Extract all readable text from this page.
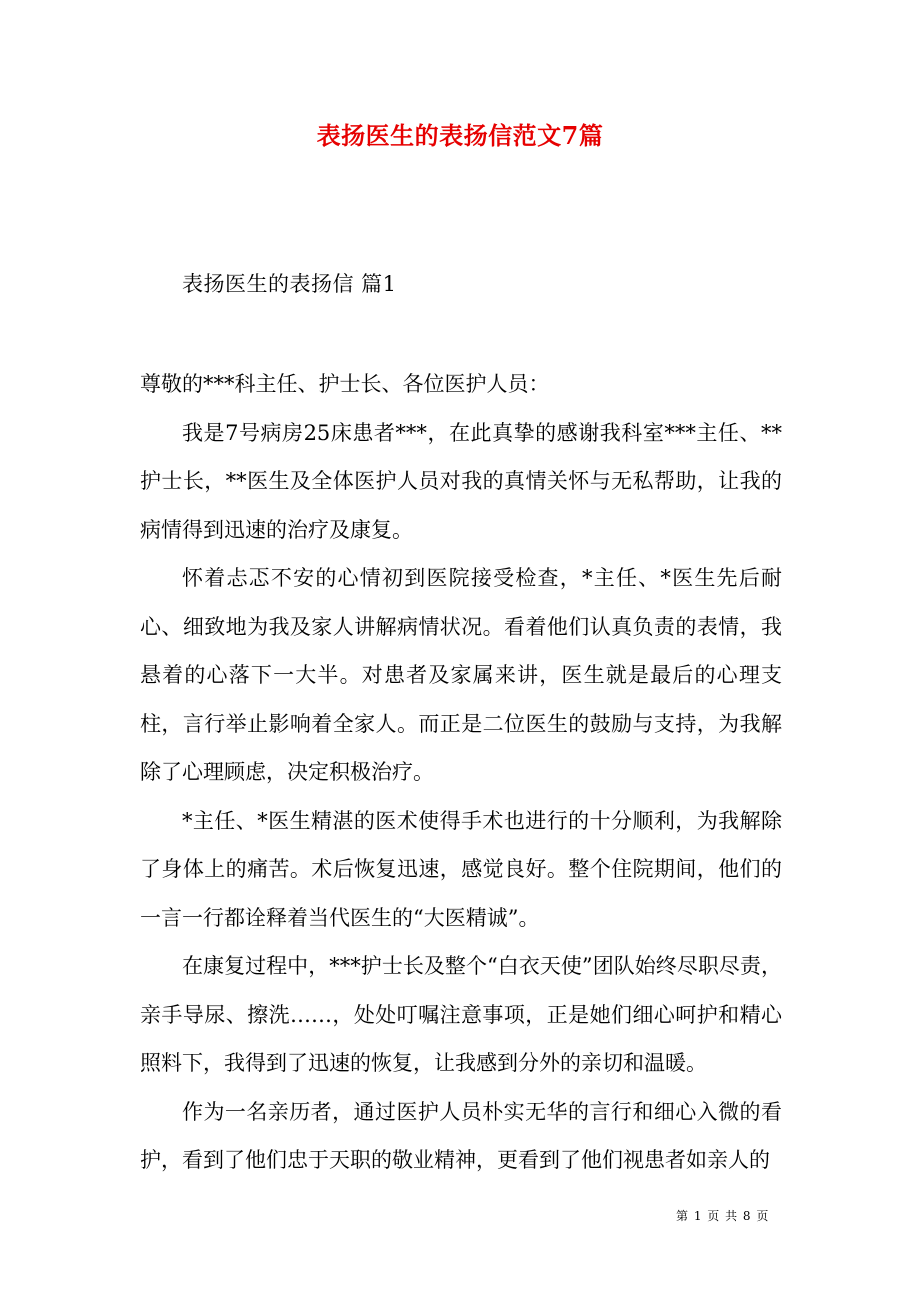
表扬医生的表扬信范文7篇
表扬医生的表扬信 篇1

尊敬的***科主任、护士长、各位医护人员：

我是7号病房25床患者***，在此真挚的感谢我科室***主任、**护士长，**医生及全体医护人员对我的真情关怀与无私帮助，让我的病情得到迅速的治疗及康复。

怀着忐忑不安的心情初到医院接受检查，*主任、*医生先后耐心、细致地为我及家人讲解病情状况。看着他们认真负责的表情，我悬着的心落下一大半。对患者及家属来讲，医生就是最后的心理支柱，言行举止影响着全家人。而正是二位医生的鼓励与支持，为我解除了心理顾虑，决定积极治疗。

*主任、*医生精湛的医术使得手术也进行的十分顺利，为我解除了身体上的痛苦。术后恢复迅速，感觉良好。整个住院期间，他们的一言一行都诠释着当代医生的“大医精诚”。

在康复过程中，***护士长及整个“白衣天使”团队始终尽职尽责，亲手导尿、擦洗……，处处叮嘱注意事项，正是她们细心呵护和精心照料下，我得到了迅速的恢复，让我感到分外的亲切和温暖。

作为一名亲历者，通过医护人员朴实无华的言行和细心入微的看护，看到了他们忠于天职的敬业精神，更看到了他们视患者如亲人的

第 1 页 共 8 页
